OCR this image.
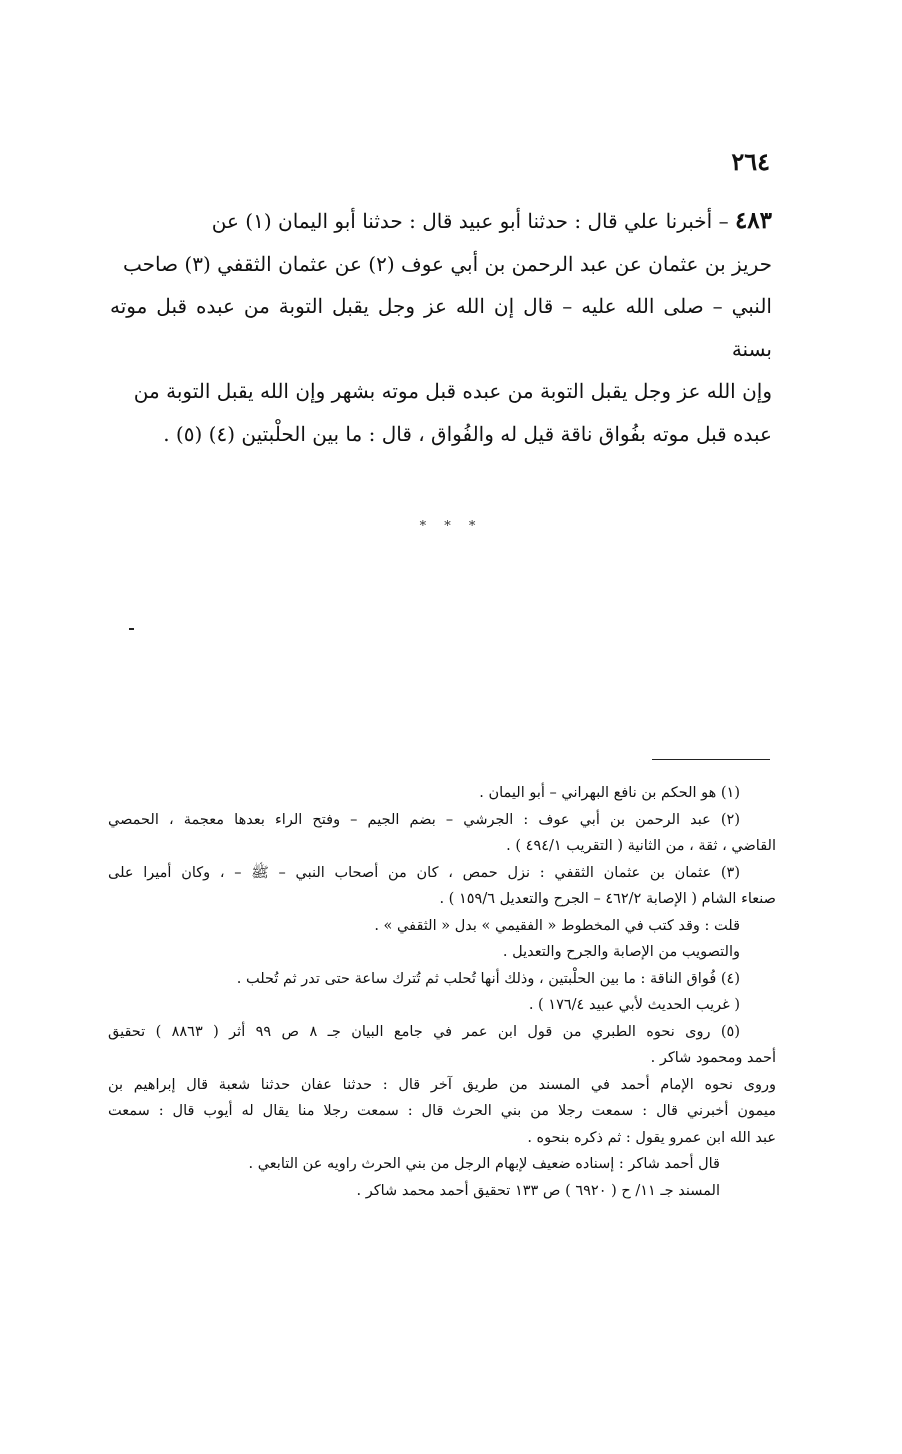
٢٦٤
٤٨٣ – أخبرنا علي قال : حدثنا أبو عبيد قال : حدثنا أبو اليمان (١) عن
حريز بن عثمان عن عبد الرحمن بن أبي عوف (٢) عن عثمان الثقفي (٣) صاحب
النبي – صلى الله عليه – قال إن الله عز وجل يقبل التوبة من عبده قبل موته بسنة
وإن الله عز وجل يقبل التوبة من عبده قبل موته بشهر وإن الله يقبل التوبة من
عبده قبل موته بفُواق ناقة قيل له والفُواق ، قال : ما بين الحلْبتين (٤) (٥) .
* * *
(١) هو الحكم بن نافع البهراني – أبو اليمان .
(٢) عبد الرحمن بن أبي عوف : الجرشي – بضم الجيم – وفتح الراء بعدها معجمة ، الحمصي
القاضي ، ثقة ، من الثانية ( التقريب ٤٩٤/١ ) .
(٣) عثمان بن عثمان الثقفي : نزل حمص ، كان من أصحاب النبي – ﷺ – ، وكان أميرا على
صنعاء الشام ( الإصابة ٤٦٢/٢ – الجرح والتعديل ١٥٩/٦ ) .
قلت : وقد كتب في المخطوط « الفقيمي » بدل « الثقفي » .
والتصويب من الإصابة والجرح والتعديل .
(٤) فُواق الناقة : ما بين الحلْبتين ، وذلك أنها تُحلب ثم تُترك ساعة حتى تدر ثم تُحلب .
( غريب الحديث لأبي عبيد ١٧٦/٤ ) .
(٥) روى نحوه الطبري من قول ابن عمر في جامع البيان جـ ٨ ص ٩٩ أثر ( ٨٨٦٣ ) تحقيق
أحمد ومحمود شاكر .
وروى نحوه الإمام أحمد في المسند من طريق آخر قال : حدثنا عفان حدثنا شعبة قال إبراهيم بن
ميمون أخبرني قال : سمعت رجلا من بني الحرث قال : سمعت رجلا منا يقال له أيوب قال : سمعت
عبد الله ابن عمرو يقول : ثم ذكره بنحوه .
قال أحمد شاكر : إسناده ضعيف لإبهام الرجل من بني الحرث راويه عن التابعي .
المسند جـ ١١/ ح ( ٦٩٢٠ ) ص ١٣٣ تحقيق أحمد محمد شاكر .
